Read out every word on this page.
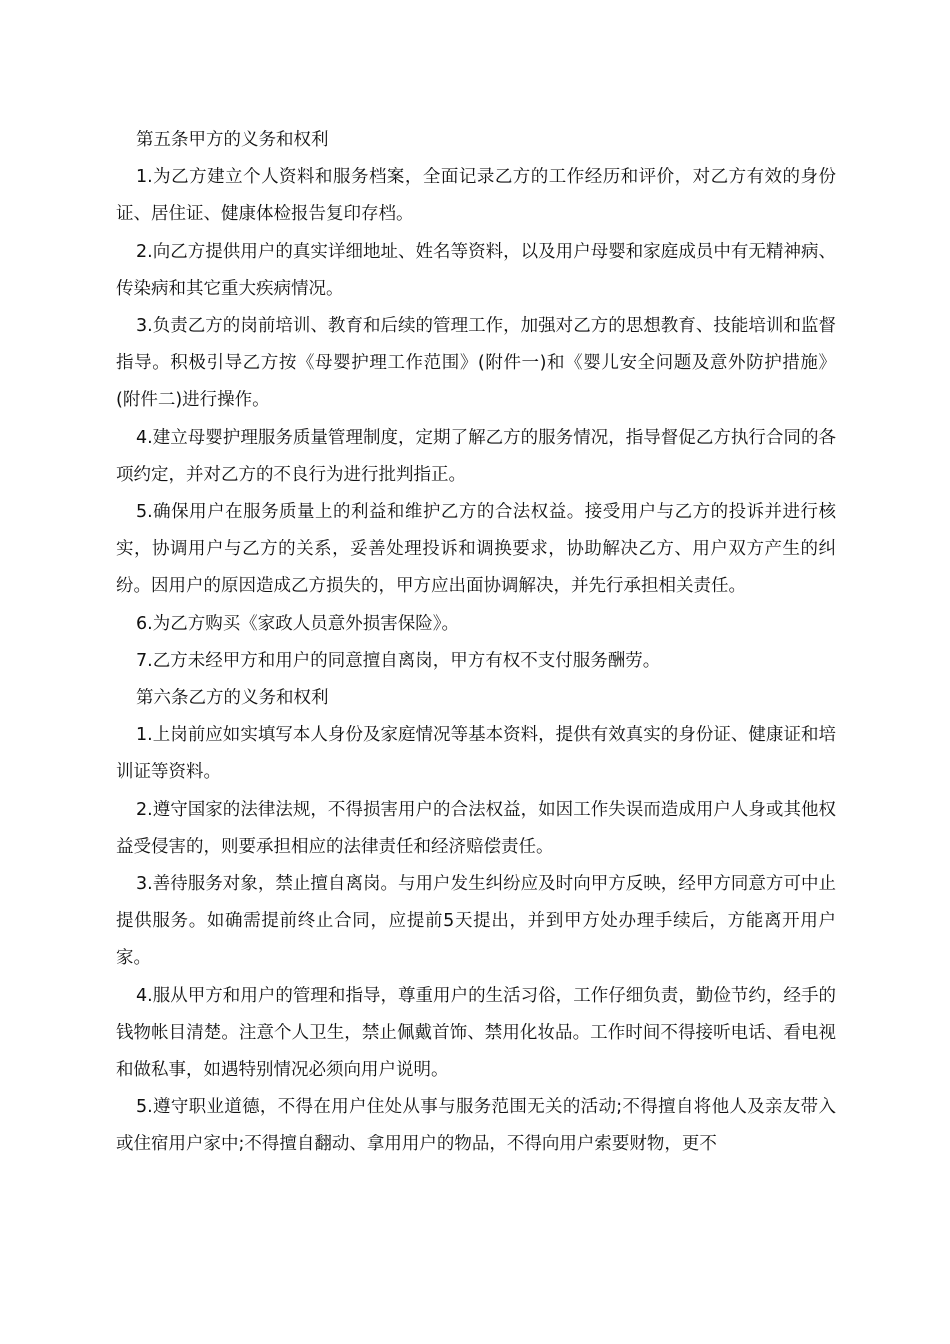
第五条甲方的义务和权利

1.为乙方建立个人资料和服务档案，全面记录乙方的工作经历和评价，对乙方有效的身份证、居住证、健康体检报告复印存档。

2.向乙方提供用户的真实详细地址、姓名等资料，以及用户母婴和家庭成员中有无精神病、传染病和其它重大疾病情况。

3.负责乙方的岗前培训、教育和后续的管理工作，加强对乙方的思想教育、技能培训和监督指导。积极引导乙方按《母婴护理工作范围》(附件一)和《婴儿安全问题及意外防护措施》(附件二)进行操作。

4.建立母婴护理服务质量管理制度，定期了解乙方的服务情况，指导督促乙方执行合同的各项约定，并对乙方的不良行为进行批判指正。

5.确保用户在服务质量上的利益和维护乙方的合法权益。接受用户与乙方的投诉并进行核实，协调用户与乙方的关系，妥善处理投诉和调换要求，协助解决乙方、用户双方产生的纠纷。因用户的原因造成乙方损失的，甲方应出面协调解决，并先行承担相关责任。

6.为乙方购买《家政人员意外损害保险》。

7.乙方未经甲方和用户的同意擅自离岗，甲方有权不支付服务酬劳。

第六条乙方的义务和权利

1.上岗前应如实填写本人身份及家庭情况等基本资料，提供有效真实的身份证、健康证和培训证等资料。

2.遵守国家的法律法规，不得损害用户的合法权益，如因工作失误而造成用户人身或其他权益受侵害的，则要承担相应的法律责任和经济赔偿责任。

3.善待服务对象，禁止擅自离岗。与用户发生纠纷应及时向甲方反映，经甲方同意方可中止提供服务。如确需提前终止合同，应提前5天提出，并到甲方处办理手续后，方能离开用户家。

4.服从甲方和用户的管理和指导，尊重用户的生活习俗，工作仔细负责，勤俭节约，经手的钱物帐目清楚。注意个人卫生，禁止佩戴首饰、禁用化妆品。工作时间不得接听电话、看电视和做私事，如遇特别情况必须向用户说明。

5.遵守职业道德，不得在用户住处从事与服务范围无关的活动;不得擅自将他人及亲友带入或住宿用户家中;不得擅自翻动、拿用用户的物品，不得向用户索要财物，更不
